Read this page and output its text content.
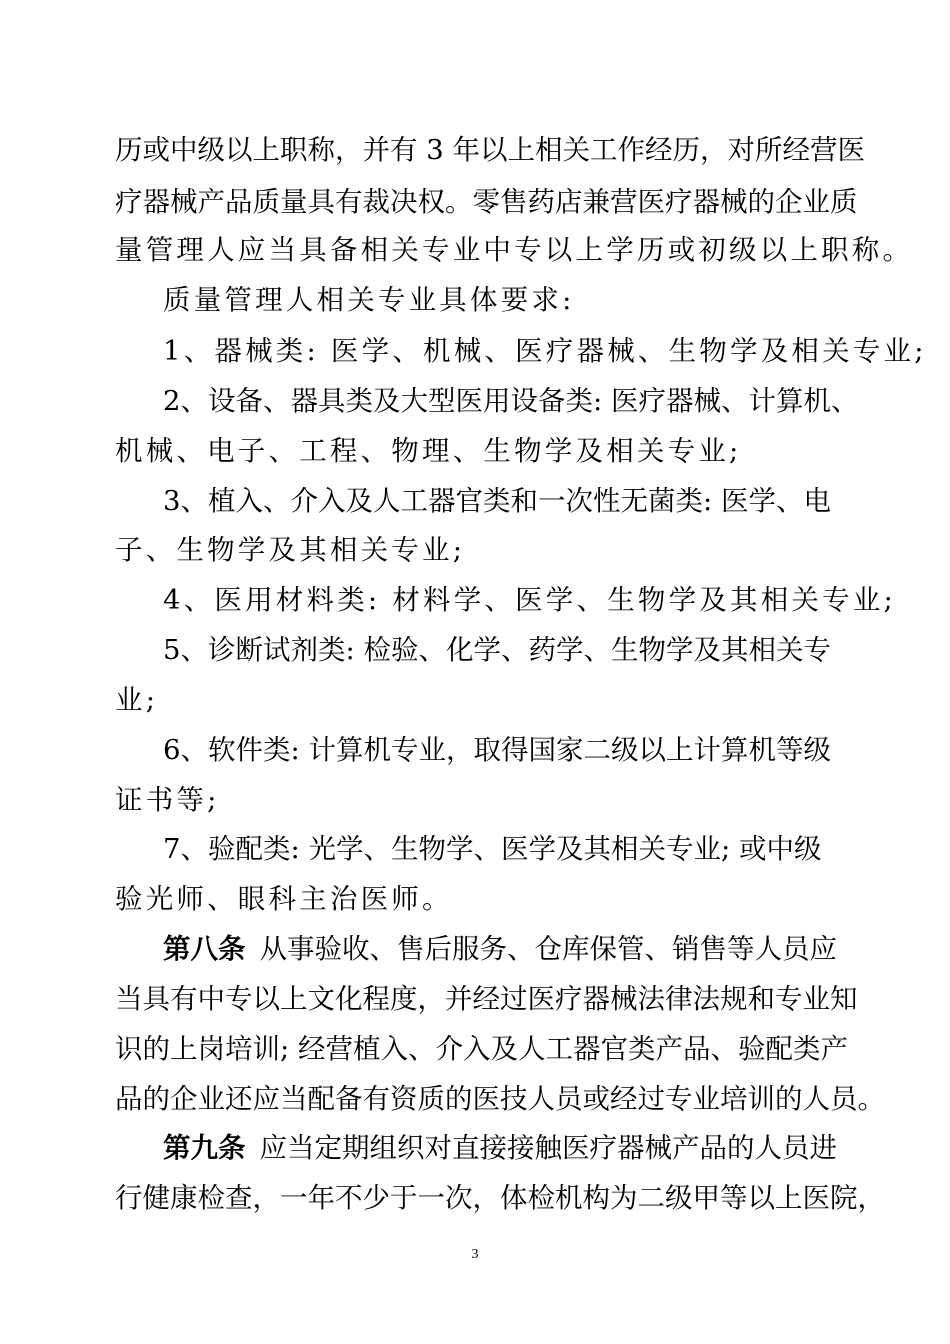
历或中级以上职称，并有 3 年以上相关工作经历，对所经营医
疗器械产品质量具有裁决权。零售药店兼营医疗器械的企业质
量管理人应当具备相关专业中专以上学历或初级以上职称。
质量管理人相关专业具体要求:
1、器械类: 医学、机械、医疗器械、生物学及相关专业;
2、设备、器具类及大型医用设备类: 医疗器械、计算机、
机械、电子、工程、物理、生物学及相关专业;
3、植入、介入及人工器官类和一次性无菌类: 医学、电
子、生物学及其相关专业;
4、医用材料类: 材料学、医学、生物学及其相关专业;
5、诊断试剂类: 检验、化学、药学、生物学及其相关专
业;
6、软件类: 计算机专业，取得国家二级以上计算机等级
证书等;
7、验配类: 光学、生物学、医学及其相关专业; 或中级
验光师、眼科主治医师。
第八条 从事验收、售后服务、仓库保管、销售等人员应
当具有中专以上文化程度，并经过医疗器械法律法规和专业知
识的上岗培训; 经营植入、介入及人工器官类产品、验配类产
品的企业还应当配备有资质的医技人员或经过专业培训的人员。
第九条 应当定期组织对直接接触医疗器械产品的人员进
行健康检查，一年不少于一次，体检机构为二级甲等以上医院，
3
